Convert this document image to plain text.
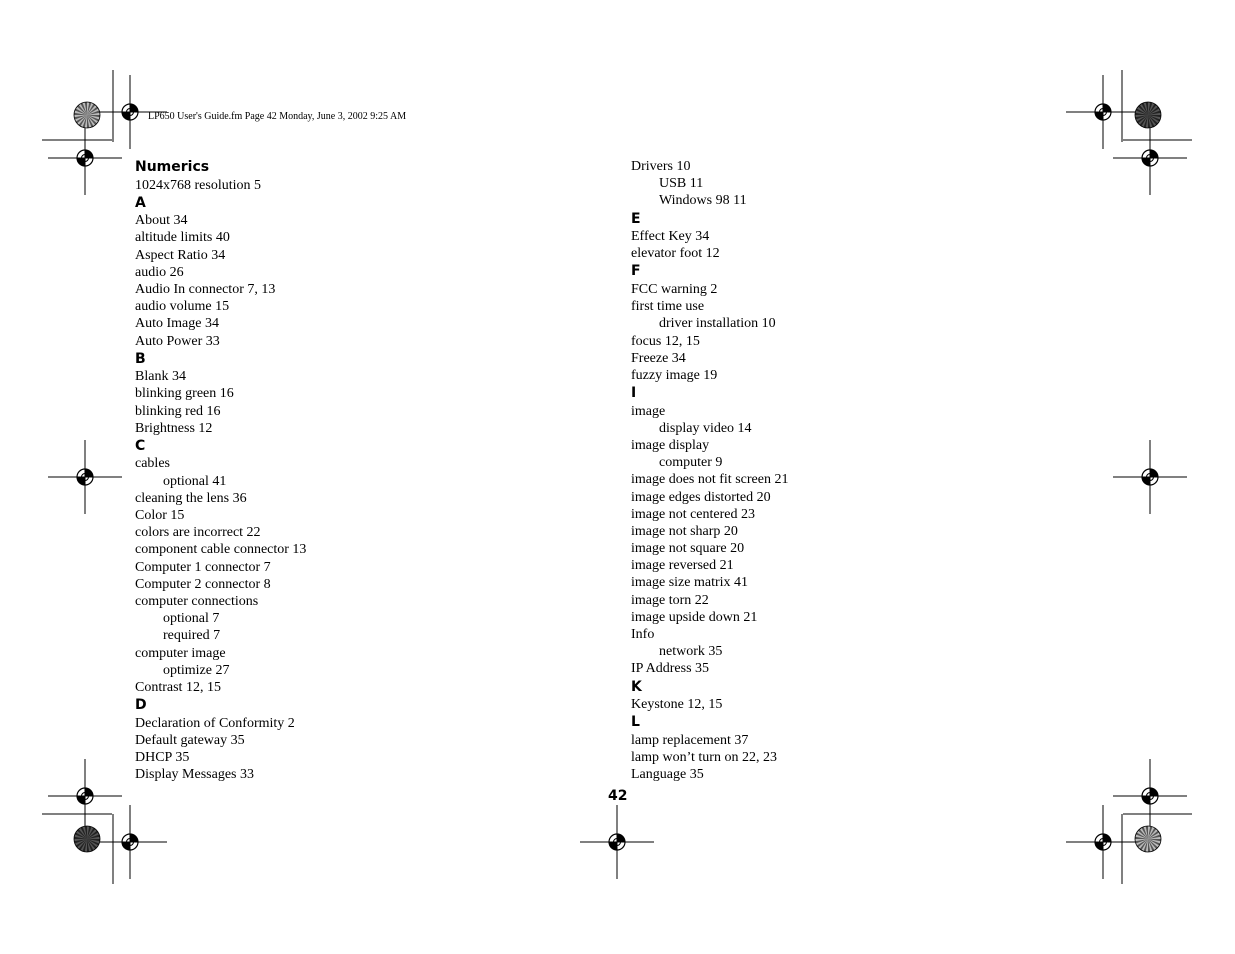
LP650 User's Guide.fm Page 42 Monday, June 3, 2002 9:25 AM
Numerics
1024x768 resolution 5
A
About 34
altitude limits 40
Aspect Ratio 34
audio 26
Audio In connector 7, 13
audio volume 15
Auto Image 34
Auto Power 33
B
Blank 34
blinking green 16
blinking red 16
Brightness 12
C
cables
optional 41
cleaning the lens 36
Color 15
colors are incorrect 22
component cable connector 13
Computer 1 connector 7
Computer 2 connector 8
computer connections
optional 7
required 7
computer image
optimize 27
Contrast 12, 15
D
Declaration of Conformity 2
Default gateway 35
DHCP 35
Display Messages 33
Drivers 10
USB 11
Windows 98 11
E
Effect Key 34
elevator foot 12
F
FCC warning 2
first time use
driver installation 10
focus 12, 15
Freeze 34
fuzzy image 19
I
image
display video 14
image display
computer 9
image does not fit screen 21
image edges distorted 20
image not centered 23
image not sharp 20
image not square 20
image reversed 21
image size matrix 41
image torn 22
image upside down 21
Info
network 35
IP Address 35
K
Keystone 12, 15
L
lamp replacement 37
lamp won’t turn on 22, 23
Language 35
42
